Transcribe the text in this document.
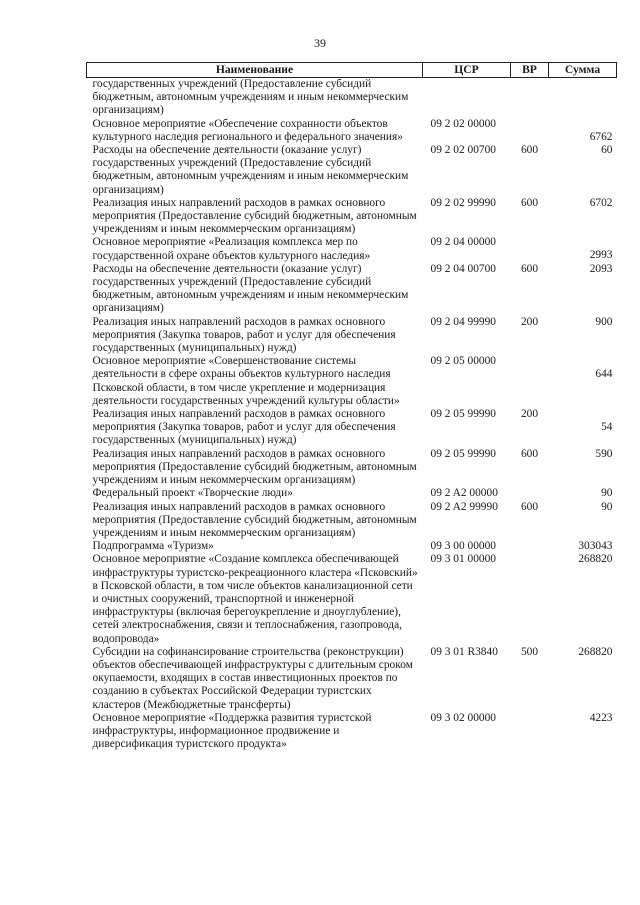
39
Наименование	ЦСР	ВР	Сумма
государственных учреждений (Предоставление субсидий бюджетным, автономным учреждениям и иным некоммерческим организациям)			
Основное мероприятие «Обеспечение сохранности объектов культурного наследия регионального и федерального значения»	09 2 02 00000		6762
Расходы на обеспечение деятельности (оказание услуг) государственных учреждений (Предоставление субсидий бюджетным, автономным учреждениям и иным некоммерческим организациям)	09 2 02 00700	600	60
Реализация иных направлений расходов в рамках основного мероприятия (Предоставление субсидий бюджетным, автономным учреждениям и иным некоммерческим организациям)	09 2 02 99990	600	6702
Основное мероприятие «Реализация комплекса мер по государственной охране объектов культурного наследия»	09 2 04 00000		2993
Расходы на обеспечение деятельности (оказание услуг) государственных учреждений (Предоставление субсидий бюджетным, автономным учреждениям и иным некоммерческим организациям)	09 2 04 00700	600	2093
Реализация иных направлений расходов в рамках основного мероприятия (Закупка товаров, работ и услуг для обеспечения государственных (муниципальных) нужд)	09 2 04 99990	200	900
Основное мероприятие «Совершенствование системы деятельности в сфере охраны объектов культурного наследия Псковской области, в том числе укрепление и модернизация деятельности государственных учреждений культуры области»	09 2 05 00000		644
Реализация иных направлений расходов в рамках основного мероприятия (Закупка товаров, работ и услуг для обеспечения государственных (муниципальных) нужд)	09 2 05 99990	200	54
Реализация иных направлений расходов в рамках основного мероприятия (Предоставление субсидий бюджетным, автономным учреждениям и иным некоммерческим организациям)	09 2 05 99990	600	590
Федеральный проект «Творческие люди»	09 2 A2 00000		90
Реализация иных направлений расходов в рамках основного мероприятия (Предоставление субсидий бюджетным, автономным учреждениям и иным некоммерческим организациям)	09 2 A2 99990	600	90
Подпрограмма «Туризм»	09 3 00 00000		303043
Основное мероприятие «Создание комплекса обеспечивающей инфраструктуры туристско-рекреационного кластера «Псковский» в Псковской области, в том числе объектов канализационной сети и очистных сооружений, транспортной и инженерной инфраструктуры (включая берегоукрепление и дноуглубление), сетей электроснабжения, связи и теплоснабжения, газопровода, водопровода»	09 3 01 00000		268820
Субсидии на софинансирование строительства (реконструкции) объектов обеспечивающей инфраструктуры с длительным сроком окупаемости, входящих в состав инвестиционных проектов по созданию в субъектах Российской Федерации туристских кластеров (Межбюджетные трансферты)	09 3 01 R3840	500	268820
Основное мероприятие «Поддержка развития туристской инфраструктуры, информационное продвижение и диверсификация туристского продукта»	09 3 02 00000		4223
